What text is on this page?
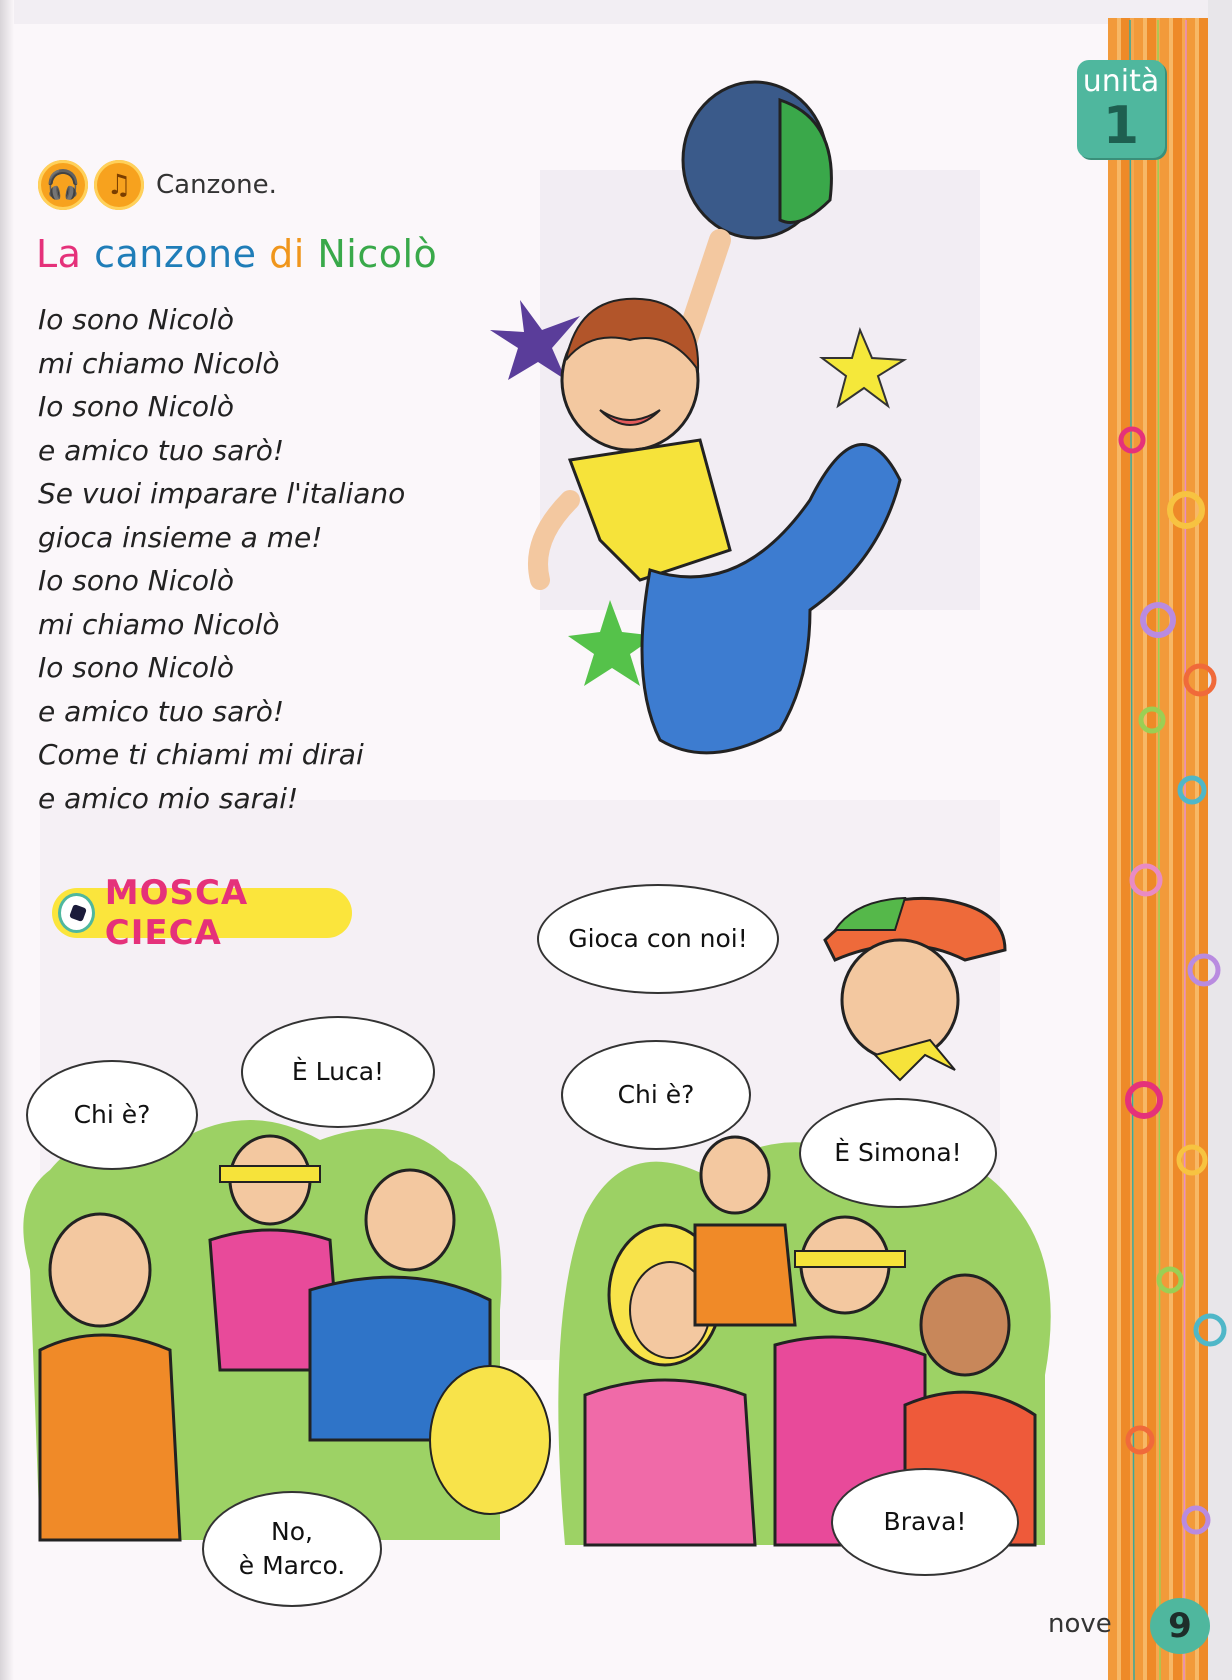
unità
1
🎧 ♫ Canzone.
La canzone di Nicolò
Io sono Nicolò
mi chiamo Nicolò
Io sono Nicolò
e amico tuo sarò!
Se vuoi imparare l'italiano
gioca insieme a me!
Io sono Nicolò
mi chiamo Nicolò
Io sono Nicolò
e amico tuo sarò!
Come ti chiami mi dirai
e amico mio sarai!
MOSCA CIECA	Gioca con noi!
Chi è?
È Luca!
No,
è Marco.
Chi è?
È Simona!
Brava!
nove 9
